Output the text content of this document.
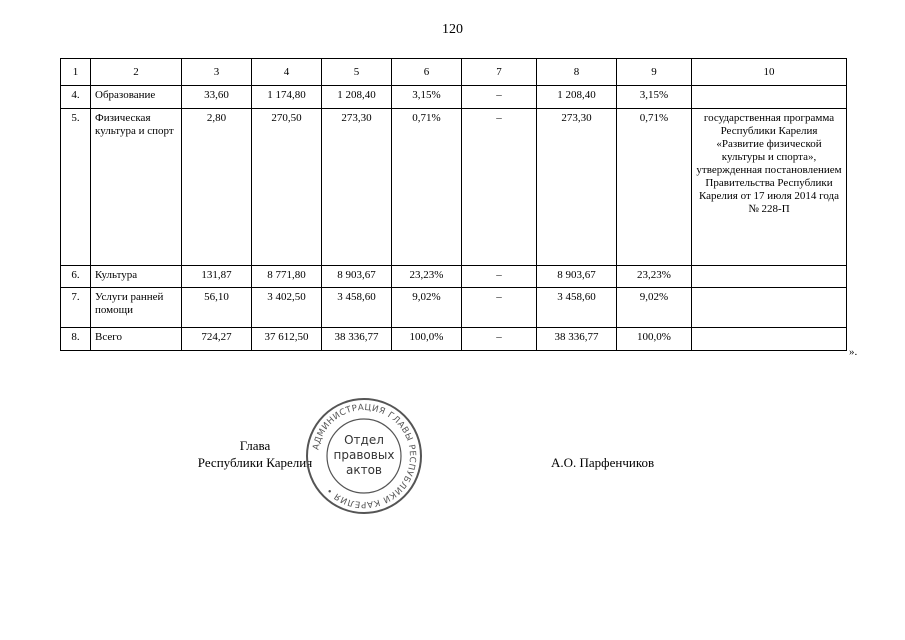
120
1	2	3	4	5	6	7	8	9	10
4.	Образование	33,60	1 174,80	1 208,40	3,15%	–	1 208,40	3,15%	
5.	Физическая культура и спорт	2,80	270,50	273,30	0,71%	–	273,30	0,71%	государственная программа Республики Карелия «Развитие физической культуры и спорта», утвержденная постановлением Правительства Республики Карелия от 17 июля 2014 года № 228-П
6.	Культура	131,87	8 771,80	8 903,67	23,23%	–	8 903,67	23,23%	
7.	Услуги ранней помощи	56,10	3 402,50	3 458,60	9,02%	–	3 458,60	9,02%	
8.	Всего	724,27	37 612,50	38 336,77	100,0%	–	38 336,77	100,0%	
».
Глава
Республики Карелия	А.О. Парфенчиков
АДМИНИСТРАЦИЯ ГЛАВЫ РЕСПУБЛИКИ КАРЕЛИЯ •
Отдел
правовых
актов
